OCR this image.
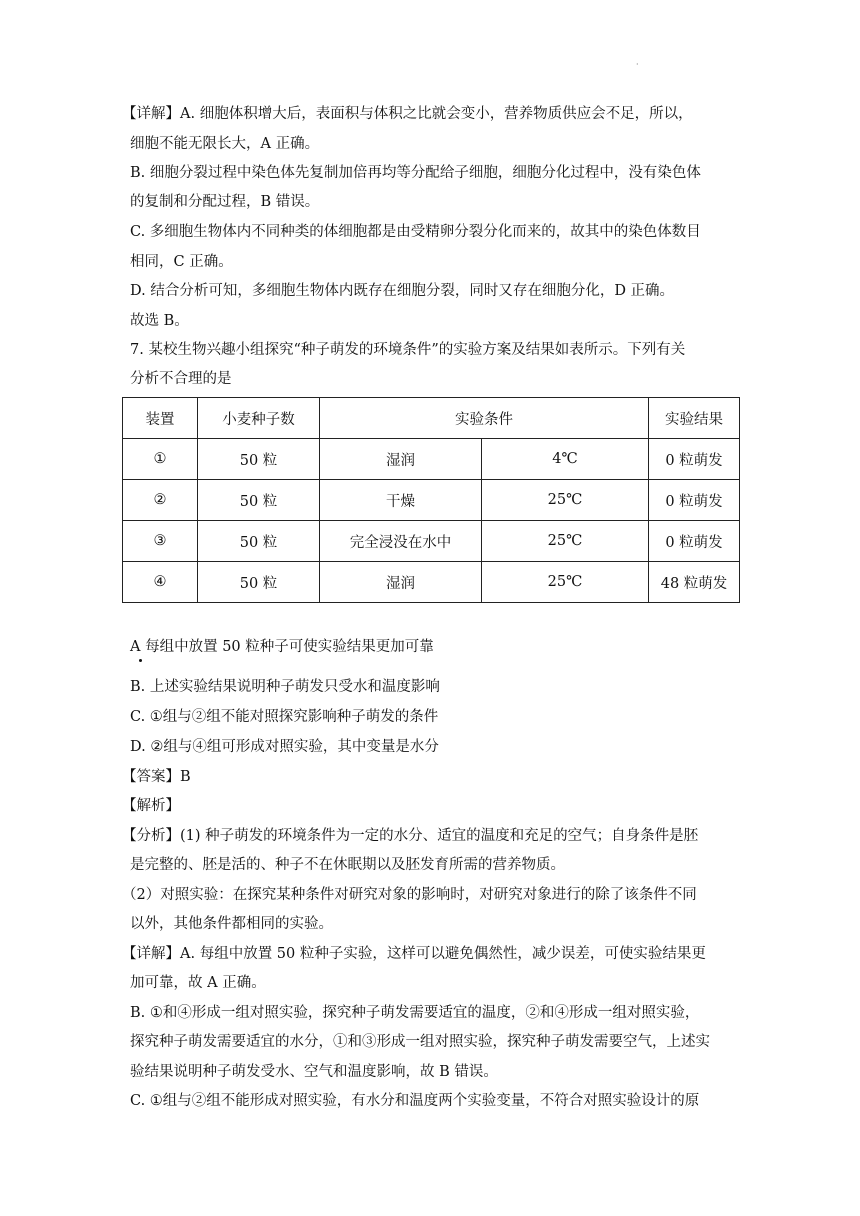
·
【详解】A. 细胞体积增大后，表面积与体积之比就会变小，营养物质供应会不足，所以，
细胞不能无限长大，A 正确。
B. 细胞分裂过程中染色体先复制加倍再均等分配给子细胞，细胞分化过程中，没有染色体
的复制和分配过程，B 错误。
C. 多细胞生物体内不同种类的体细胞都是由受精卵分裂分化而来的，故其中的染色体数目
相同，C 正确。
D. 结合分析可知，多细胞生物体内既存在细胞分裂，同时又存在细胞分化，D 正确。
故选 B。
7. 某校生物兴趣小组探究“种子萌发的环境条件”的实验方案及结果如表所示。下列有关
分析不合理的是
装置	小麦种子数	实验条件		实验结果
①	50 粒	湿润	4℃	0 粒萌发
②	50 粒	干燥	25℃	0 粒萌发
③	50 粒	完全浸没在水中	25℃	0 粒萌发
④	50 粒	湿润	25℃	48 粒萌发
A 每组中放置 50 粒种子可使实验结果更加可靠
B. 上述实验结果说明种子萌发只受水和温度影响
C. ①组与②组不能对照探究影响种子萌发的条件
D. ②组与④组可形成对照实验，其中变量是水分
【答案】B
【解析】
【分析】(1) 种子萌发的环境条件为一定的水分、适宜的温度和充足的空气；自身条件是胚
是完整的、胚是活的、种子不在休眠期以及胚发育所需的营养物质。
（2）对照实验：在探究某种条件对研究对象的影响时，对研究对象进行的除了该条件不同
以外，其他条件都相同的实验。
【详解】A. 每组中放置 50 粒种子实验，这样可以避免偶然性，减少误差，可使实验结果更
加可靠，故 A 正确。
B. ①和④形成一组对照实验，探究种子萌发需要适宜的温度，②和④形成一组对照实验，
探究种子萌发需要适宜的水分，①和③形成一组对照实验，探究种子萌发需要空气，上述实
验结果说明种子萌发受水、空气和温度影响，故 B 错误。
C. ①组与②组不能形成对照实验，有水分和温度两个实验变量，不符合对照实验设计的原
